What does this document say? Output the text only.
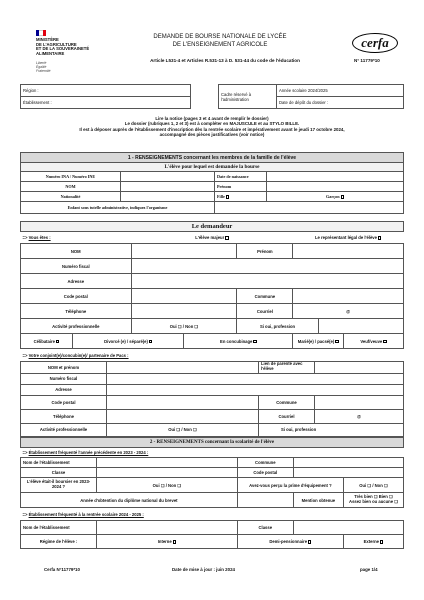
MINISTÈRE
DE L'AGRICULTURE
ET DE LA SOUVERAINETÉ
ALIMENTAIRE
Liberté
Égalité
Fraternité
DEMANDE DE BOURSE NATIONALE DE LYCÉE
DE L'ENSEIGNEMENT AGRICOLE
Article L531-4 et Articles R.531-13 à D. 531-44 du code de l'éducation
cerfa
N° 11779*10
Région :		Cadre réservé à l'administration	Année scolaire 2024/2025
Établissement :			Date de dépôt du dossier :
Lire la notice (pages 3 et 4 avant de remplir le dossier)
Le dossier (rubriques 1, 2 et 3) est à compléter en MAJUSCULE et au STYLO BILLE.
Il est à déposer auprès de l'établissement d'inscription dès la rentrée scolaire et impérativement avant le jeudi 17 octobre 2024,
accompagné des pièces justificatives (voir notice)
1 - RENSEIGNEMENTS concernant les membres de la famille de l'élève			
L'élève pour lequel est demandée la bourse			
Numéro INA / Numéro INE		Date de naissance	
NOM		Prénom	
Nationalité		Fille	Garçon
Enfant sous tutelle administrative, indiquez l'organisme			
Le demandeur							
=> Vous êtes :		L'élève majeur			Le représentant légal de l'élève		
NOM				Prénom			
Numéro fiscal							
Adresse							
Code postal				Commune			
Téléphone				Courriel	@		
Activité professionnelle		Oui ❑ / Non ❑		Si oui, profession			
Célibataire	Divorcé (e) / séparé(e)		En concubinage		Marié(e) / pacsé(e)		Veuf/veuve
=> Votre conjoint(e)/concubin(e)/ partenaire de Pacs :			
NOM et prénom		Lien de parenté avec l'élève	
Numéro fiscal			
Adresse			
Code postal		Commune	
Téléphone		Courriel	@
Activité professionnelle	Oui ❑ / Non ❑	Si oui, profession	
2 - RENSEIGNEMENTS concernant la scolarité de l'élève				
=> Établissement fréquenté l'année précédente en 2023 - 2024 :				
Nom de l'établissement		Commune		
Classe		Code postal		
L'élève était-il boursier en 2023-2024 ?	Oui ❑ / Non ❑	Avez-vous perçu la prime d'équipement ?		Oui ❑ / Non ❑
Année d'obtention du diplôme national du brevet			Mention obtenue	Très bien ❑ Bien ❑
Assez bien ou aucune ❑

=> Établissement fréquenté à la rentrée scolaire 2024 - 2025 :				
Nom de l'établissement		Classe		
Régime de l'élève :	Interne	Demi-pensionnaire		Externe
Cerfa N°11779*10	Date de mise à jour : juin 2024	page 1/4
